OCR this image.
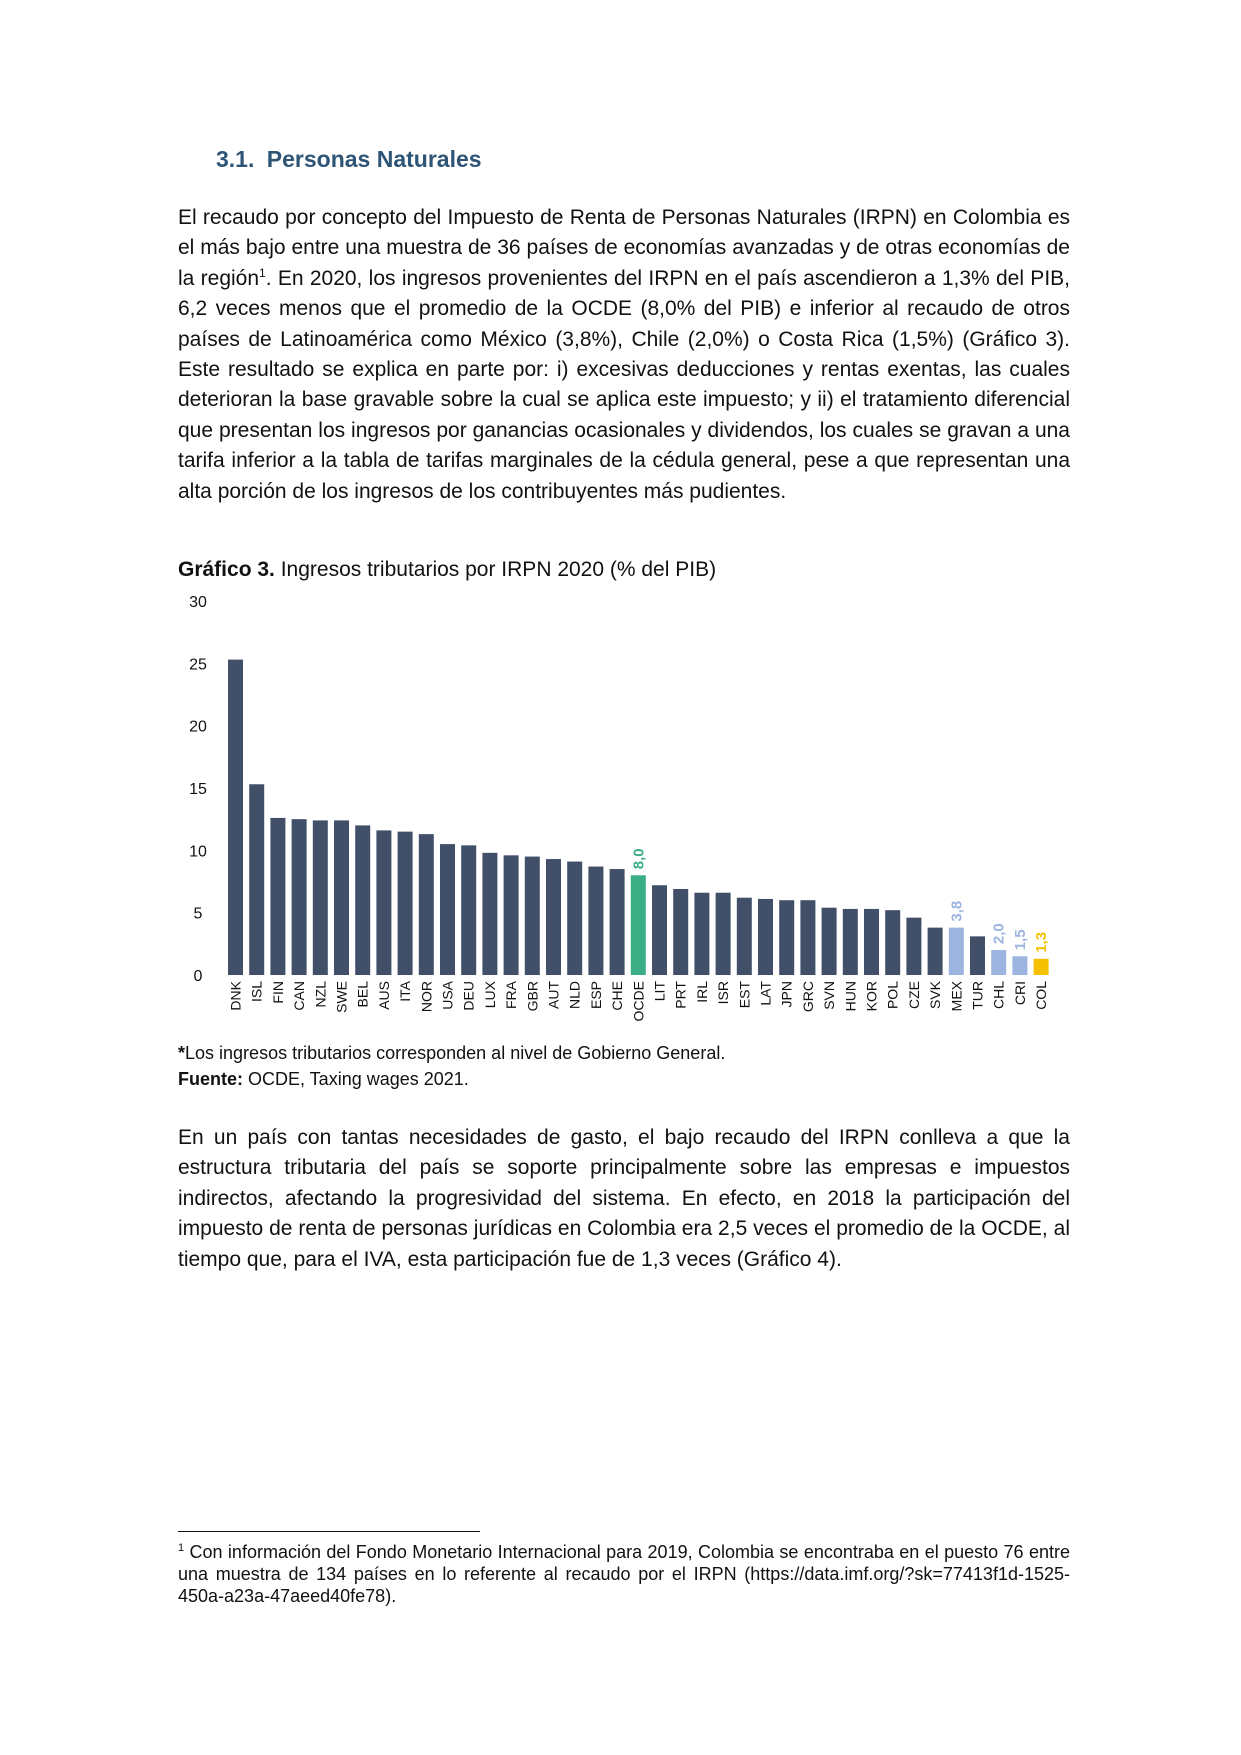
3.1. Personas Naturales

El recaudo por concepto del Impuesto de Renta de Personas Naturales (IRPN) en Colombia es el más bajo entre una muestra de 36 países de economías avanzadas y de otras economías de la región$^1$. En 2020, los ingresos provenientes del IRPN en el país ascendieron a 1,3% del PIB, 6,2 veces menos que el promedio de la OCDE (8,0% del PIB) e inferior al recaudo de otros países de Latinoamérica como México (3,8%), Chile (2,0%) o Costa Rica (1,5%) (Gráfico 3). Este resultado se explica en parte por: i) excesivas deducciones y rentas exentas, las cuales deterioran la base gravable sobre la cual se aplica este impuesto; y ii) el tratamiento diferencial que presentan los ingresos por ganancias ocasionales y dividendos, los cuales se gravan a una tarifa inferior a la tabla de tarifas marginales de la cédula general, pese a que representan una alta porción de los ingresos de los contribuyentes más pudientes.

Gráfico 3. Ingresos tributarios por IRPN 2020 (% del PIB)
0
5
10
15
20
25
30
DNK ISL FIN CAN NZL SWE BEL AUS ITA NOR USA DEU LUX FRA GBR AUT NLD ESP CHE OCDE
8,0
LIT PRT IRL ISR EST LAT JPN GRC SVN HUN KOR POL CZE SVK MEX
3,8
TUR CHL
2,0
CRI
1,5
COL
1,3
*Los ingresos tributarios corresponden al nivel de Gobierno General.
Fuente: OCDE, Taxing wages 2021.

En un país con tantas necesidades de gasto, el bajo recaudo del IRPN conlleva a que la estructura tributaria del país se soporte principalmente sobre las empresas e impuestos indirectos, afectando la progresividad del sistema. En efecto, en 2018 la participación del impuesto de renta de personas jurídicas en Colombia era 2,5 veces el promedio de la OCDE, al tiempo que, para el IVA, esta participación fue de 1,3 veces (Gráfico 4).

$^1$ Con información del Fondo Monetario Internacional para 2019, Colombia se encontraba en el puesto 76 entre una muestra de 134 países en lo referente al recaudo por el IRPN (https://data.imf.org/?sk=77413f1d-1525-450a-a23a-47aeed40fe78).
